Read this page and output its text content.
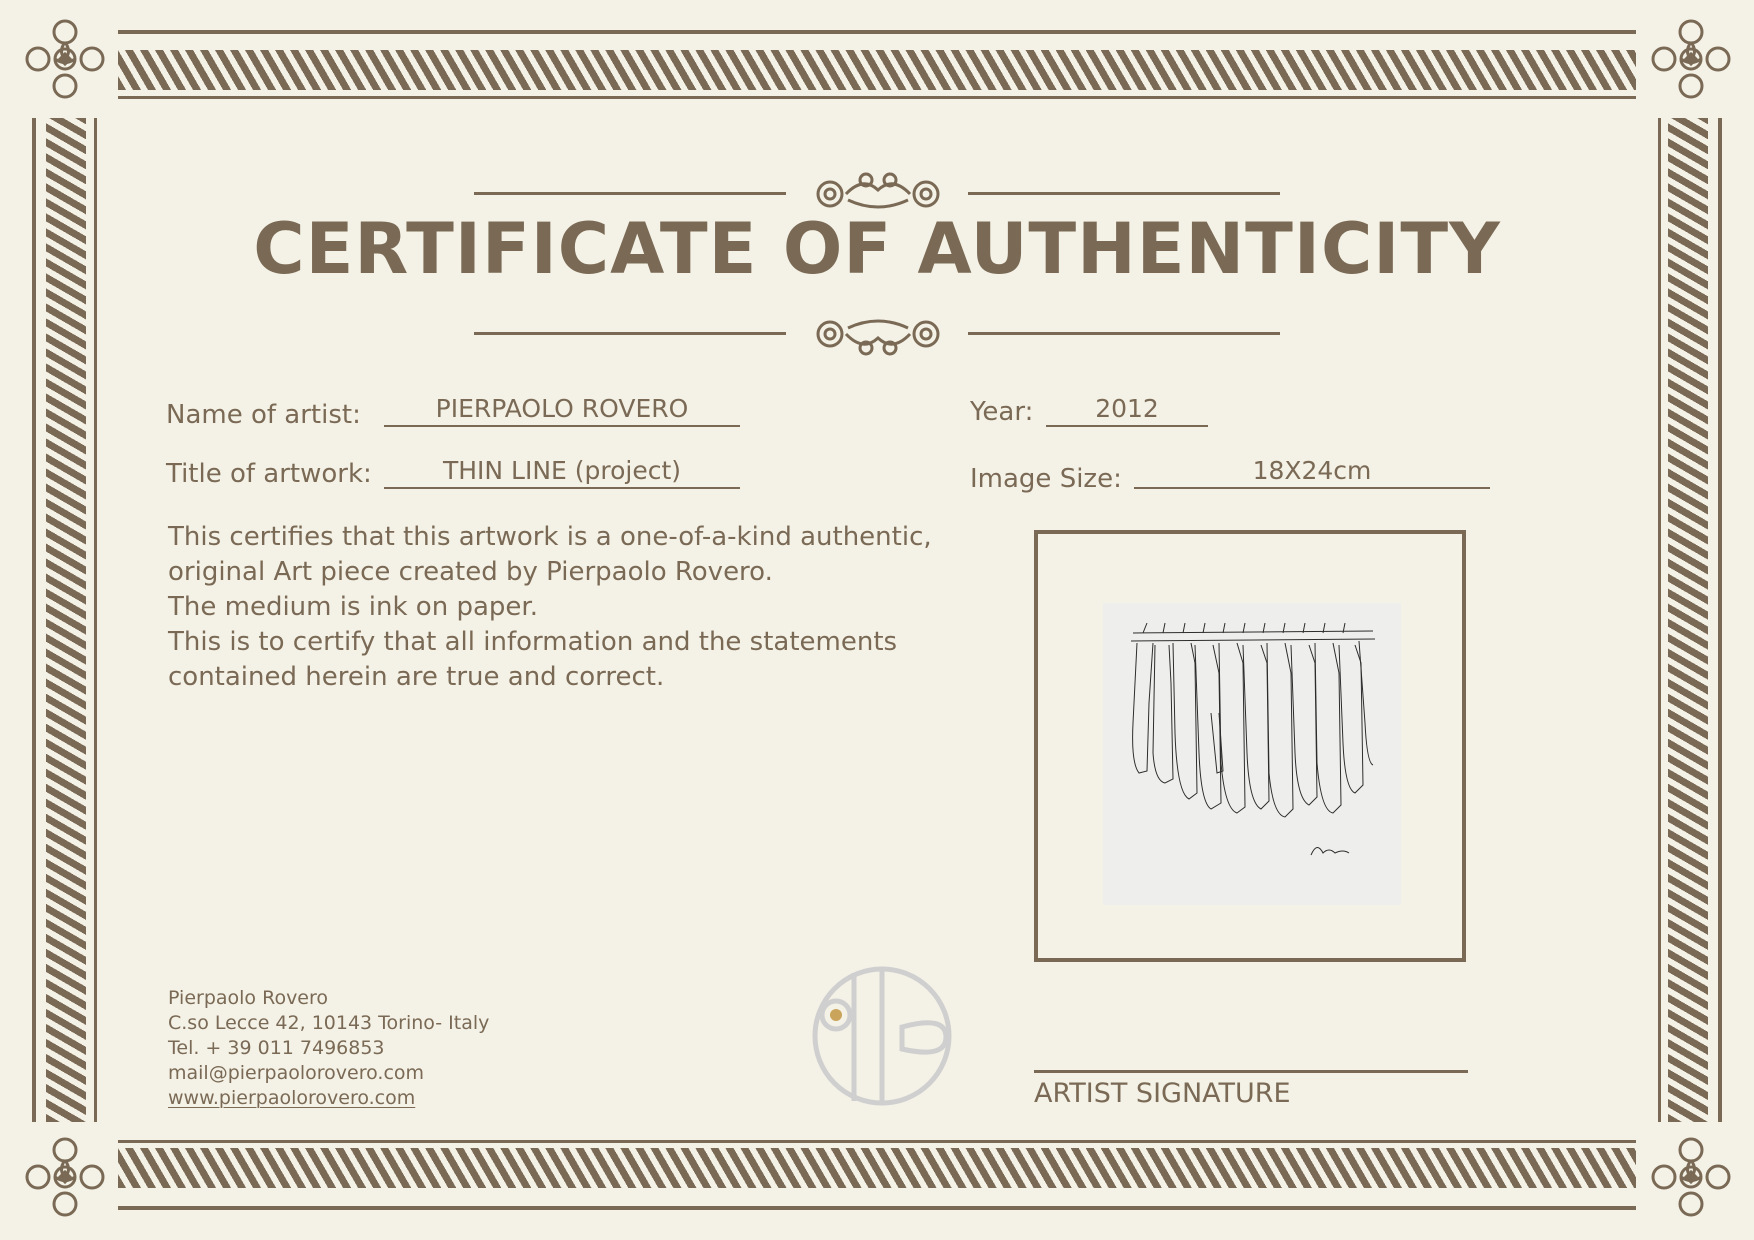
CERTIFICATE OF AUTHENTICITY
Name of artist:	PIERPAOLO ROVERO	Year:	2012
Title of artwork:	THIN LINE (project)	Image Size:	18X24cm
This certifies that this artwork is a one-of-a-kind authentic,
original Art piece created by Pierpaolo Rovero.
The medium is ink on paper.
This is to certify that all information and the statements
contained herein are true and correct.
Pierpaolo Rovero
C.so Lecce 42, 10143 Torino- Italy
Tel. + 39 011 7496853
mail@pierpaolorovero.com
www.pierpaolorovero.com	ARTIST SIGNATURE
